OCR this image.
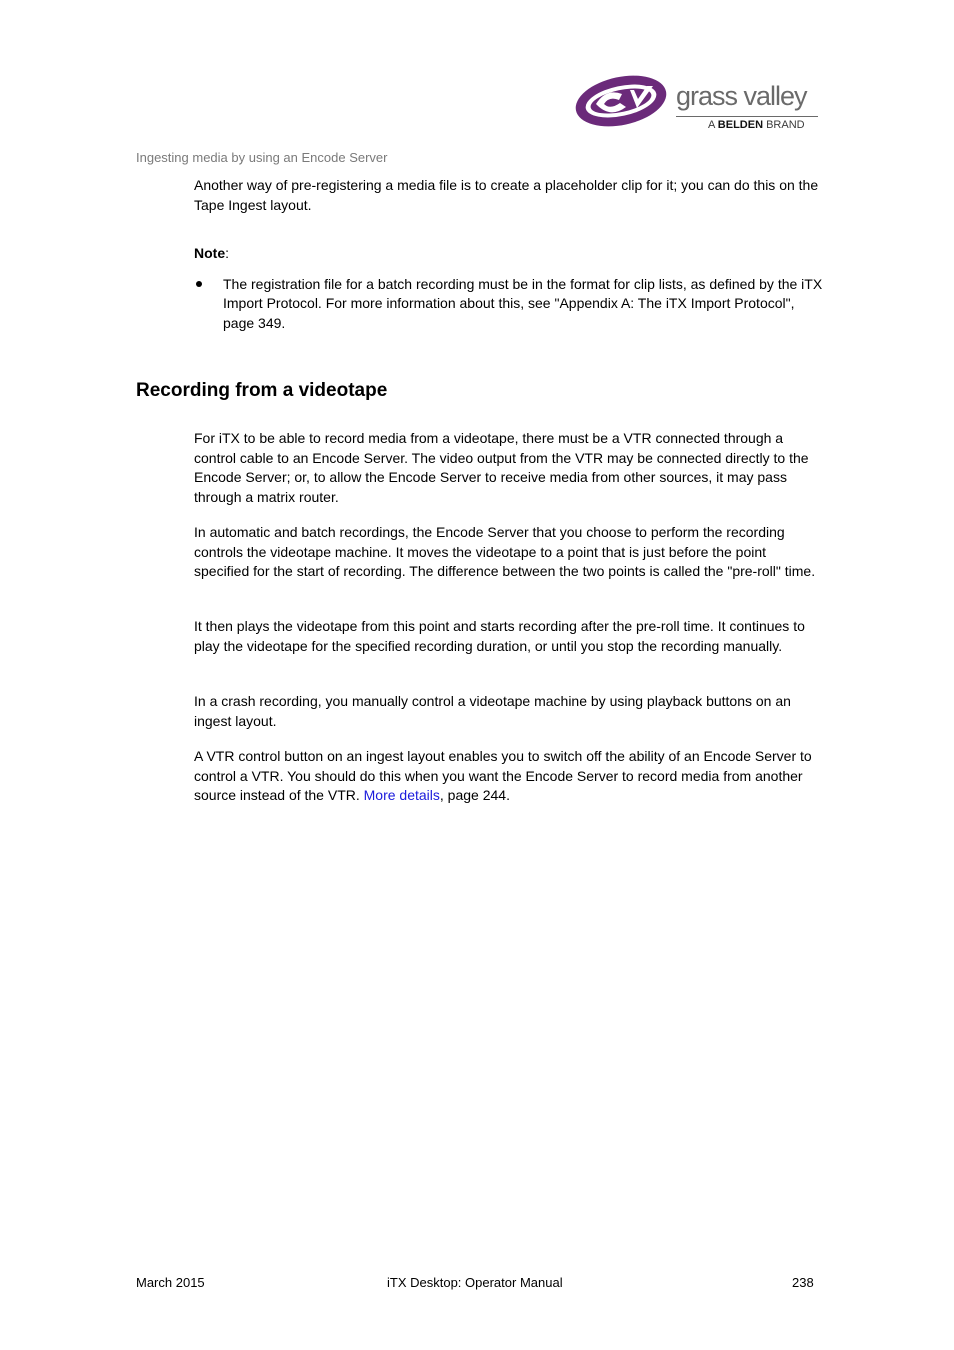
grass valley
A BELDEN BRAND
Ingesting media by using an Encode Server

Another way of pre-registering a media file is to create a placeholder clip for it; you can do this on the Tape Ingest layout.

Note:

The registration file for a batch recording must be in the format for clip lists, as defined by the iTX Import Protocol. For more information about this, see "Appendix A: The iTX Import Protocol", page 349.
Recording from a videotape

For iTX to be able to record media from a videotape, there must be a VTR connected through a control cable to an Encode Server. The video output from the VTR may be connected directly to the Encode Server; or, to allow the Encode Server to receive media from other sources, it may pass through a matrix router.

In automatic and batch recordings, the Encode Server that you choose to perform the recording controls the videotape machine. It moves the videotape to a point that is just before the point specified for the start of recording. The difference between the two points is called the "pre-roll" time.

It then plays the videotape from this point and starts recording after the pre-roll time. It continues to play the videotape for the specified recording duration, or until you stop the recording manually.

In a crash recording, you manually control a videotape machine by using playback buttons on an ingest layout.

A VTR control button on an ingest layout enables you to switch off the ability of an Encode Server to control a VTR. You should do this when you want the Encode Server to record media from another source instead of the VTR. More details, page 244.

March 2015	iTX Desktop: Operator Manual	238
